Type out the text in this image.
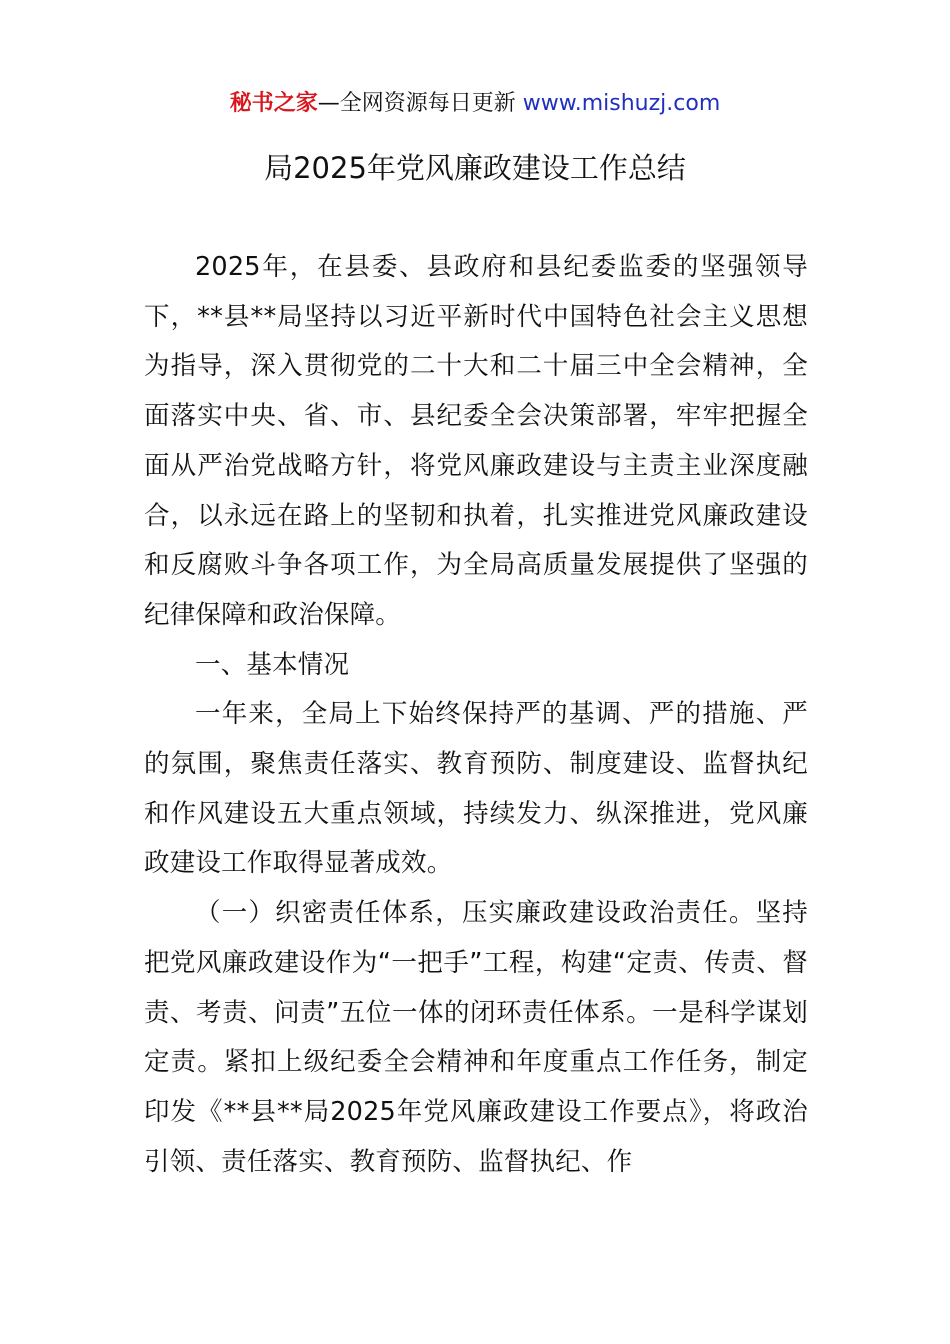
秘书之家—全网资源每日更新 www.mishuzj.com
局2025年党风廉政建设工作总结

2025年，在县委、县政府和县纪委监委的坚强领导下，**县**局坚持以习近平新时代中国特色社会主义思想为指导，深入贯彻党的二十大和二十届三中全会精神，全面落实中央、省、市、县纪委全会决策部署，牢牢把握全面从严治党战略方针，将党风廉政建设与主责主业深度融合，以永远在路上的坚韧和执着，扎实推进党风廉政建设和反腐败斗争各项工作，为全局高质量发展提供了坚强的纪律保障和政治保障。

一、基本情况

一年来，全局上下始终保持严的基调、严的措施、严的氛围，聚焦责任落实、教育预防、制度建设、监督执纪和作风建设五大重点领域，持续发力、纵深推进，党风廉政建设工作取得显著成效。

（一）织密责任体系，压实廉政建设政治责任。坚持把党风廉政建设作为“一把手”工程，构建“定责、传责、督责、考责、问责”五位一体的闭环责任体系。一是科学谋划定责。紧扣上级纪委全会精神和年度重点工作任务，制定印发《**县**局2025年党风廉政建设工作要点》，将政治引领、责任落实、教育预防、监督执纪、作
